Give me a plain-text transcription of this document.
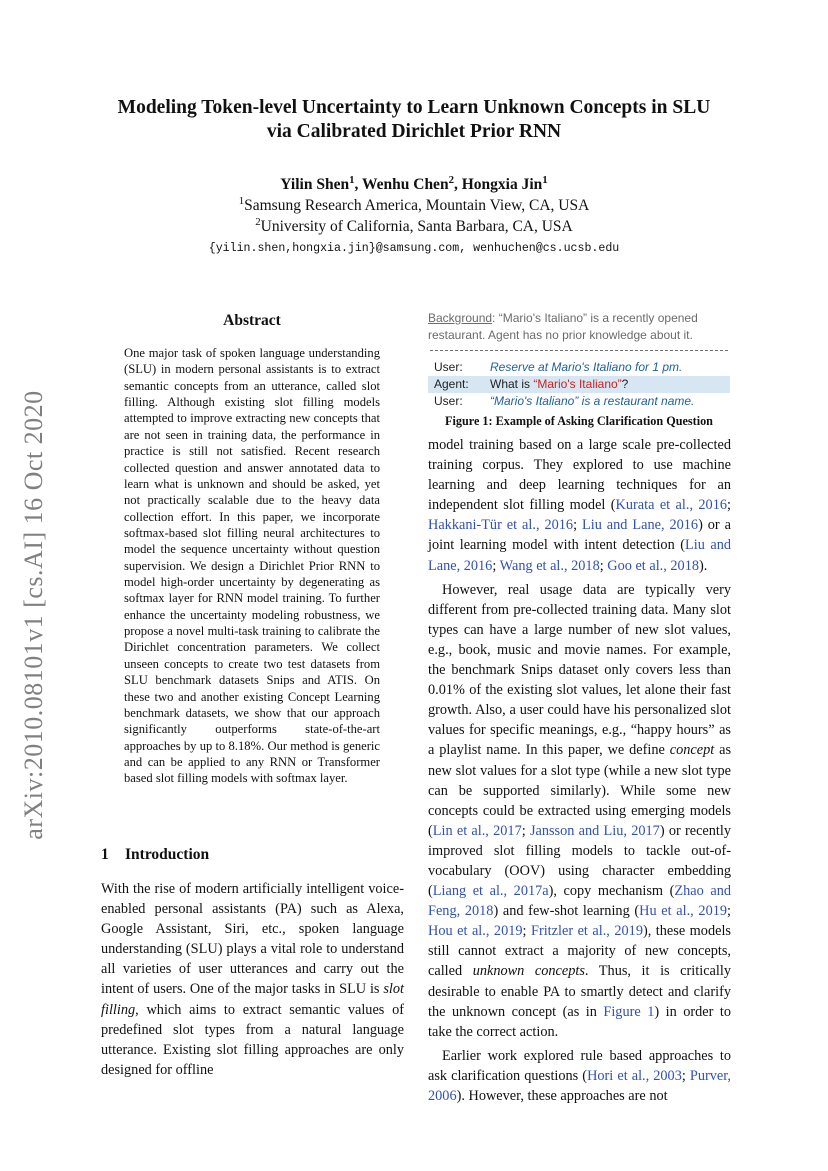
arXiv:2010.08101v1 [cs.AI] 16 Oct 2020
Modeling Token-level Uncertainty to Learn Unknown Concepts in SLU
via Calibrated Dirichlet Prior RNN
Yilin Shen$^1$, Wenhu Chen$^2$, Hongxia Jin$^1$
$^1$Samsung Research America, Mountain View, CA, USA
$^2$University of California, Santa Barbara, CA, USA
{yilin.shen,hongxia.jin}@samsung.com, wenhuchen@cs.ucsb.edu
Abstract
One major task of spoken language understanding (SLU) in modern personal assistants is to extract semantic concepts from an utterance, called slot filling. Although existing slot filling models attempted to improve extracting new concepts that are not seen in training data, the performance in practice is still not satisfied. Recent research collected question and answer annotated data to learn what is unknown and should be asked, yet not practically scalable due to the heavy data collection effort. In this paper, we incorporate softmax-based slot filling neural architectures to model the sequence uncertainty without question supervision. We design a Dirichlet Prior RNN to model high-order uncertainty by degenerating as softmax layer for RNN model training. To further enhance the uncertainty modeling robustness, we propose a novel multi-task training to calibrate the Dirichlet concentration parameters. We collect unseen concepts to create two test datasets from SLU benchmark datasets Snips and ATIS. On these two and another existing Concept Learning benchmark datasets, we show that our approach significantly outperforms state-of-the-art approaches by up to 8.18%. Our method is generic and can be applied to any RNN or Transformer based slot filling models with softmax layer.
1 Introduction
With the rise of modern artificially intelligent voice-enabled personal assistants (PA) such as Alexa, Google Assistant, Siri, etc., spoken language understanding (SLU) plays a vital role to understand all varieties of user utterances and carry out the intent of users. One of the major tasks in SLU is slot filling, which aims to extract semantic values of predefined slot types from a natural language utterance. Existing slot filling approaches are only designed for offline
Background: “Mario's Italiano” is a recently opened restaurant. Agent has no prior knowledge about it.
User:	Reserve at Mario's Italiano for 1 pm.
Agent:	What is “Mario's Italiano”?
User:	“Mario's Italiano” is a restaurant name.
Figure 1: Example of Asking Clarification Question

model training based on a large scale pre-collected training corpus. They explored to use machine learning and deep learning techniques for an independent slot filling model (Kurata et al., 2016; Hakkani-Tür et al., 2016; Liu and Lane, 2016) or a joint learning model with intent detection (Liu and Lane, 2016; Wang et al., 2018; Goo et al., 2018).

However, real usage data are typically very different from pre-collected training data. Many slot types can have a large number of new slot values, e.g., book, music and movie names. For example, the benchmark Snips dataset only covers less than 0.01% of the existing slot values, let alone their fast growth. Also, a user could have his personalized slot values for specific meanings, e.g., “happy hours” as a playlist name. In this paper, we define concept as new slot values for a slot type (while a new slot type can be supported similarly). While some new concepts could be extracted using emerging models (Lin et al., 2017; Jansson and Liu, 2017) or recently improved slot filling models to tackle out-of-vocabulary (OOV) using character embedding (Liang et al., 2017a), copy mechanism (Zhao and Feng, 2018) and few-shot learning (Hu et al., 2019; Hou et al., 2019; Fritzler et al., 2019), these models still cannot extract a majority of new concepts, called unknown concepts. Thus, it is critically desirable to enable PA to smartly detect and clarify the unknown concept (as in Figure 1) in order to take the correct action.

Earlier work explored rule based approaches to ask clarification questions (Hori et al., 2003; Purver, 2006). However, these approaches are not
